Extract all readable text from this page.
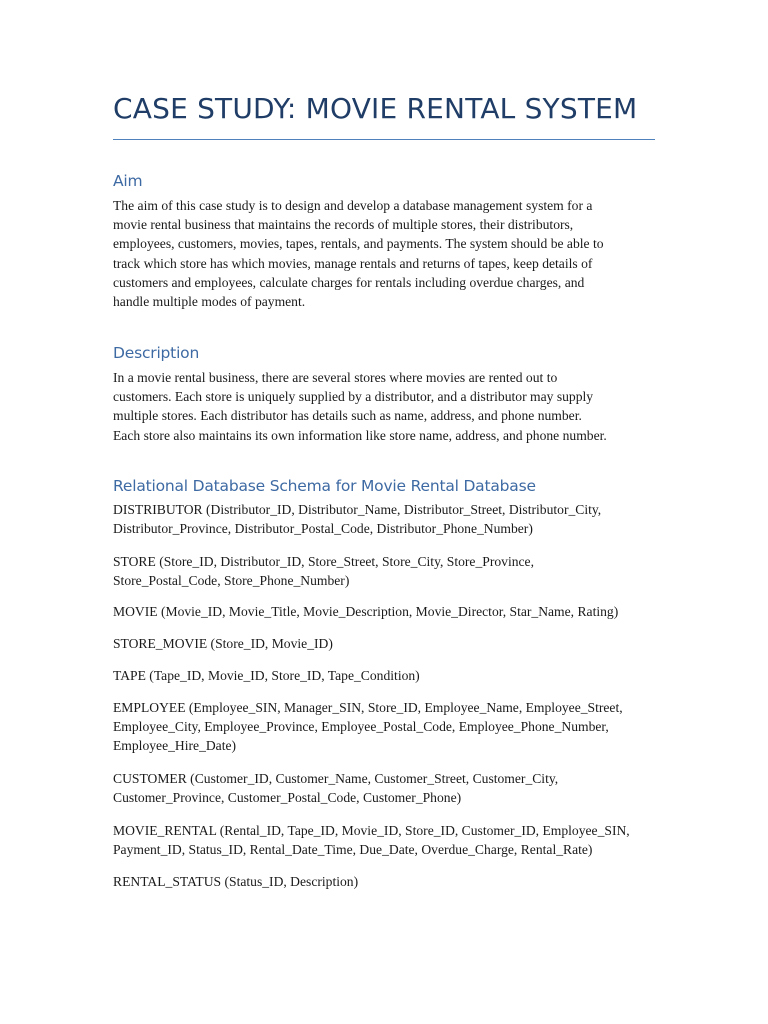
CASE STUDY: MOVIE RENTAL SYSTEM
Aim
The aim of this case study is to design and develop a database management system for a
movie rental business that maintains the records of multiple stores, their distributors,
employees, customers, movies, tapes, rentals, and payments. The system should be able to
track which store has which movies, manage rentals and returns of tapes, keep details of
customers and employees, calculate charges for rentals including overdue charges, and
handle multiple modes of payment.
Description
In a movie rental business, there are several stores where movies are rented out to
customers. Each store is uniquely supplied by a distributor, and a distributor may supply
multiple stores. Each distributor has details such as name, address, and phone number.
Each store also maintains its own information like store name, address, and phone number.
Relational Database Schema for Movie Rental Database
DISTRIBUTOR (Distributor_ID, Distributor_Name, Distributor_Street, Distributor_City,
Distributor_Province, Distributor_Postal_Code, Distributor_Phone_Number)
STORE (Store_ID, Distributor_ID, Store_Street, Store_City, Store_Province,
Store_Postal_Code, Store_Phone_Number)
MOVIE (Movie_ID, Movie_Title, Movie_Description, Movie_Director, Star_Name, Rating)
STORE_MOVIE (Store_ID, Movie_ID)
TAPE (Tape_ID, Movie_ID, Store_ID, Tape_Condition)
EMPLOYEE (Employee_SIN, Manager_SIN, Store_ID, Employee_Name, Employee_Street,
Employee_City, Employee_Province, Employee_Postal_Code, Employee_Phone_Number,
Employee_Hire_Date)
CUSTOMER (Customer_ID, Customer_Name, Customer_Street, Customer_City,
Customer_Province, Customer_Postal_Code, Customer_Phone)
MOVIE_RENTAL (Rental_ID, Tape_ID, Movie_ID, Store_ID, Customer_ID, Employee_SIN,
Payment_ID, Status_ID, Rental_Date_Time, Due_Date, Overdue_Charge, Rental_Rate)
RENTAL_STATUS (Status_ID, Description)
